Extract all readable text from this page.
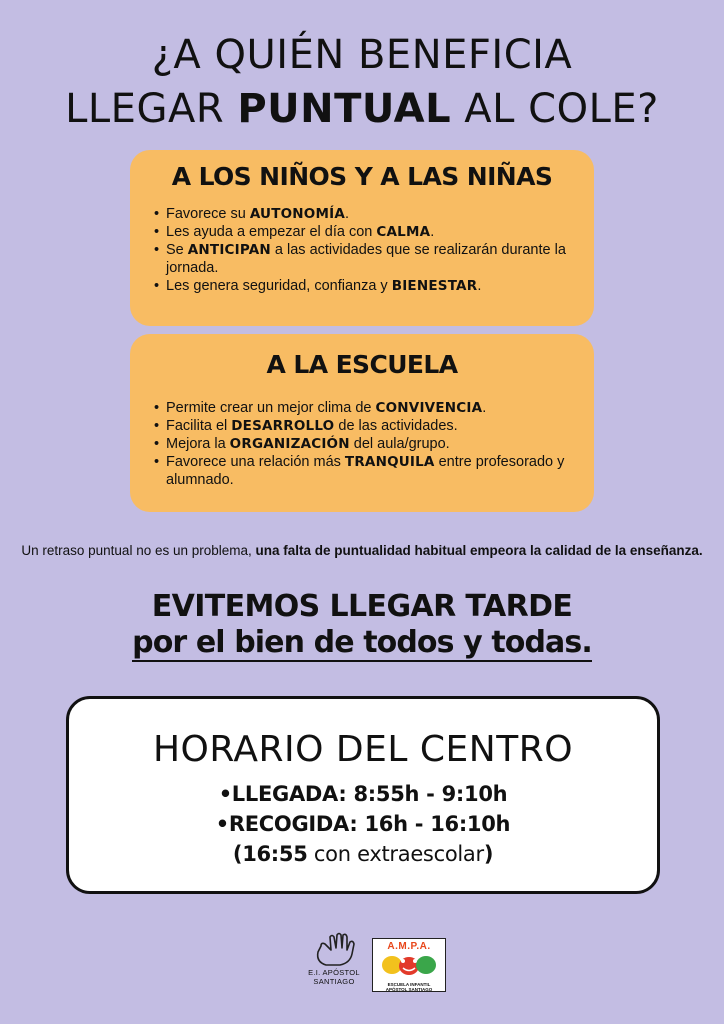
¿A QUIÉN BENEFICIA
LLEGAR PUNTUAL AL COLE?
A LOS NIÑOS Y A LAS NIÑAS
• Favorece su AUTONOMÍA.
• Les ayuda a empezar el día con CALMA.
• Se ANTICIPAN a las actividades que se realizarán durante la jornada.
• Les genera seguridad, confianza y BIENESTAR.
A LA ESCUELA
• Permite crear un mejor clima de CONVIVENCIA.
• Facilita el DESARROLLO de las actividades.
• Mejora la ORGANIZACIÓN del aula/grupo.
• Favorece una relación más TRANQUILA entre profesorado y alumnado.

Un retraso puntual no es un problema, una falta de puntualidad habitual empeora la calidad de la enseñanza.

EVITEMOS LLEGAR TARDE
por el bien de todos y todas.
HORARIO DEL CENTRO
•LLEGADA: 8:55h - 9:10h
•RECOGIDA: 16h - 16:10h
(16:55 con extraescolar)
E.I. APÓSTOL
SANTIAGO
A.M.P.A.
ESCUELA INFANTIL
APÓSTOL SANTIAGO
